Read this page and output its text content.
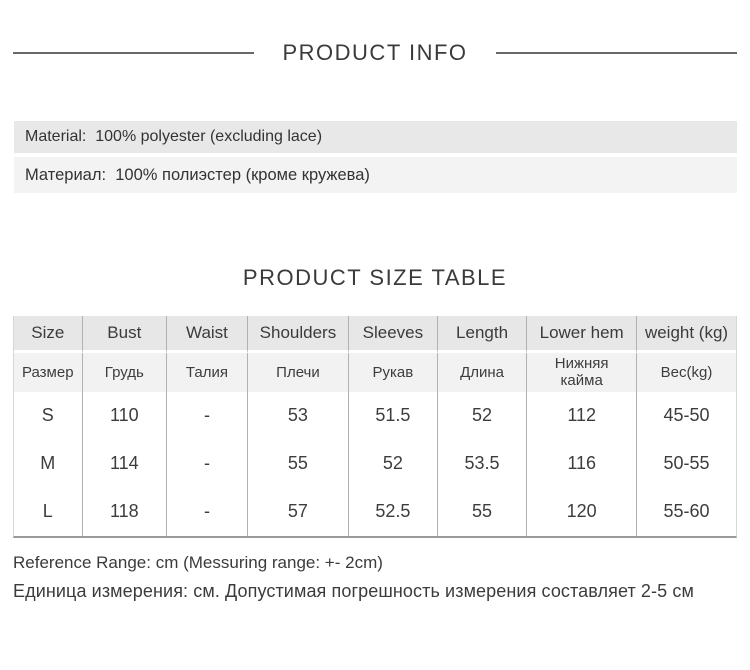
PRODUCT INFO
Material:  100% polyester (excluding lace)
Материал:  100% полиэстер (кроме кружева)
PRODUCT SIZE TABLE
Size	Bust	Waist	Shoulders	Sleeves	Length	Lower hem	weight (kg)
Размер	Грудь	Талия	Плечи	Рукав	Длина	Нижняя кайма	Вес(kg)
S	110	-	53	51.5	52	112	45-50
M	114	-	55	52	53.5	116	50-55
L	118	-	57	52.5	55	120	55-60
Reference Range: cm (Messuring range: +- 2cm)
Единица измерения: см. Допустимая погрешность измерения составляет 2-5 см
